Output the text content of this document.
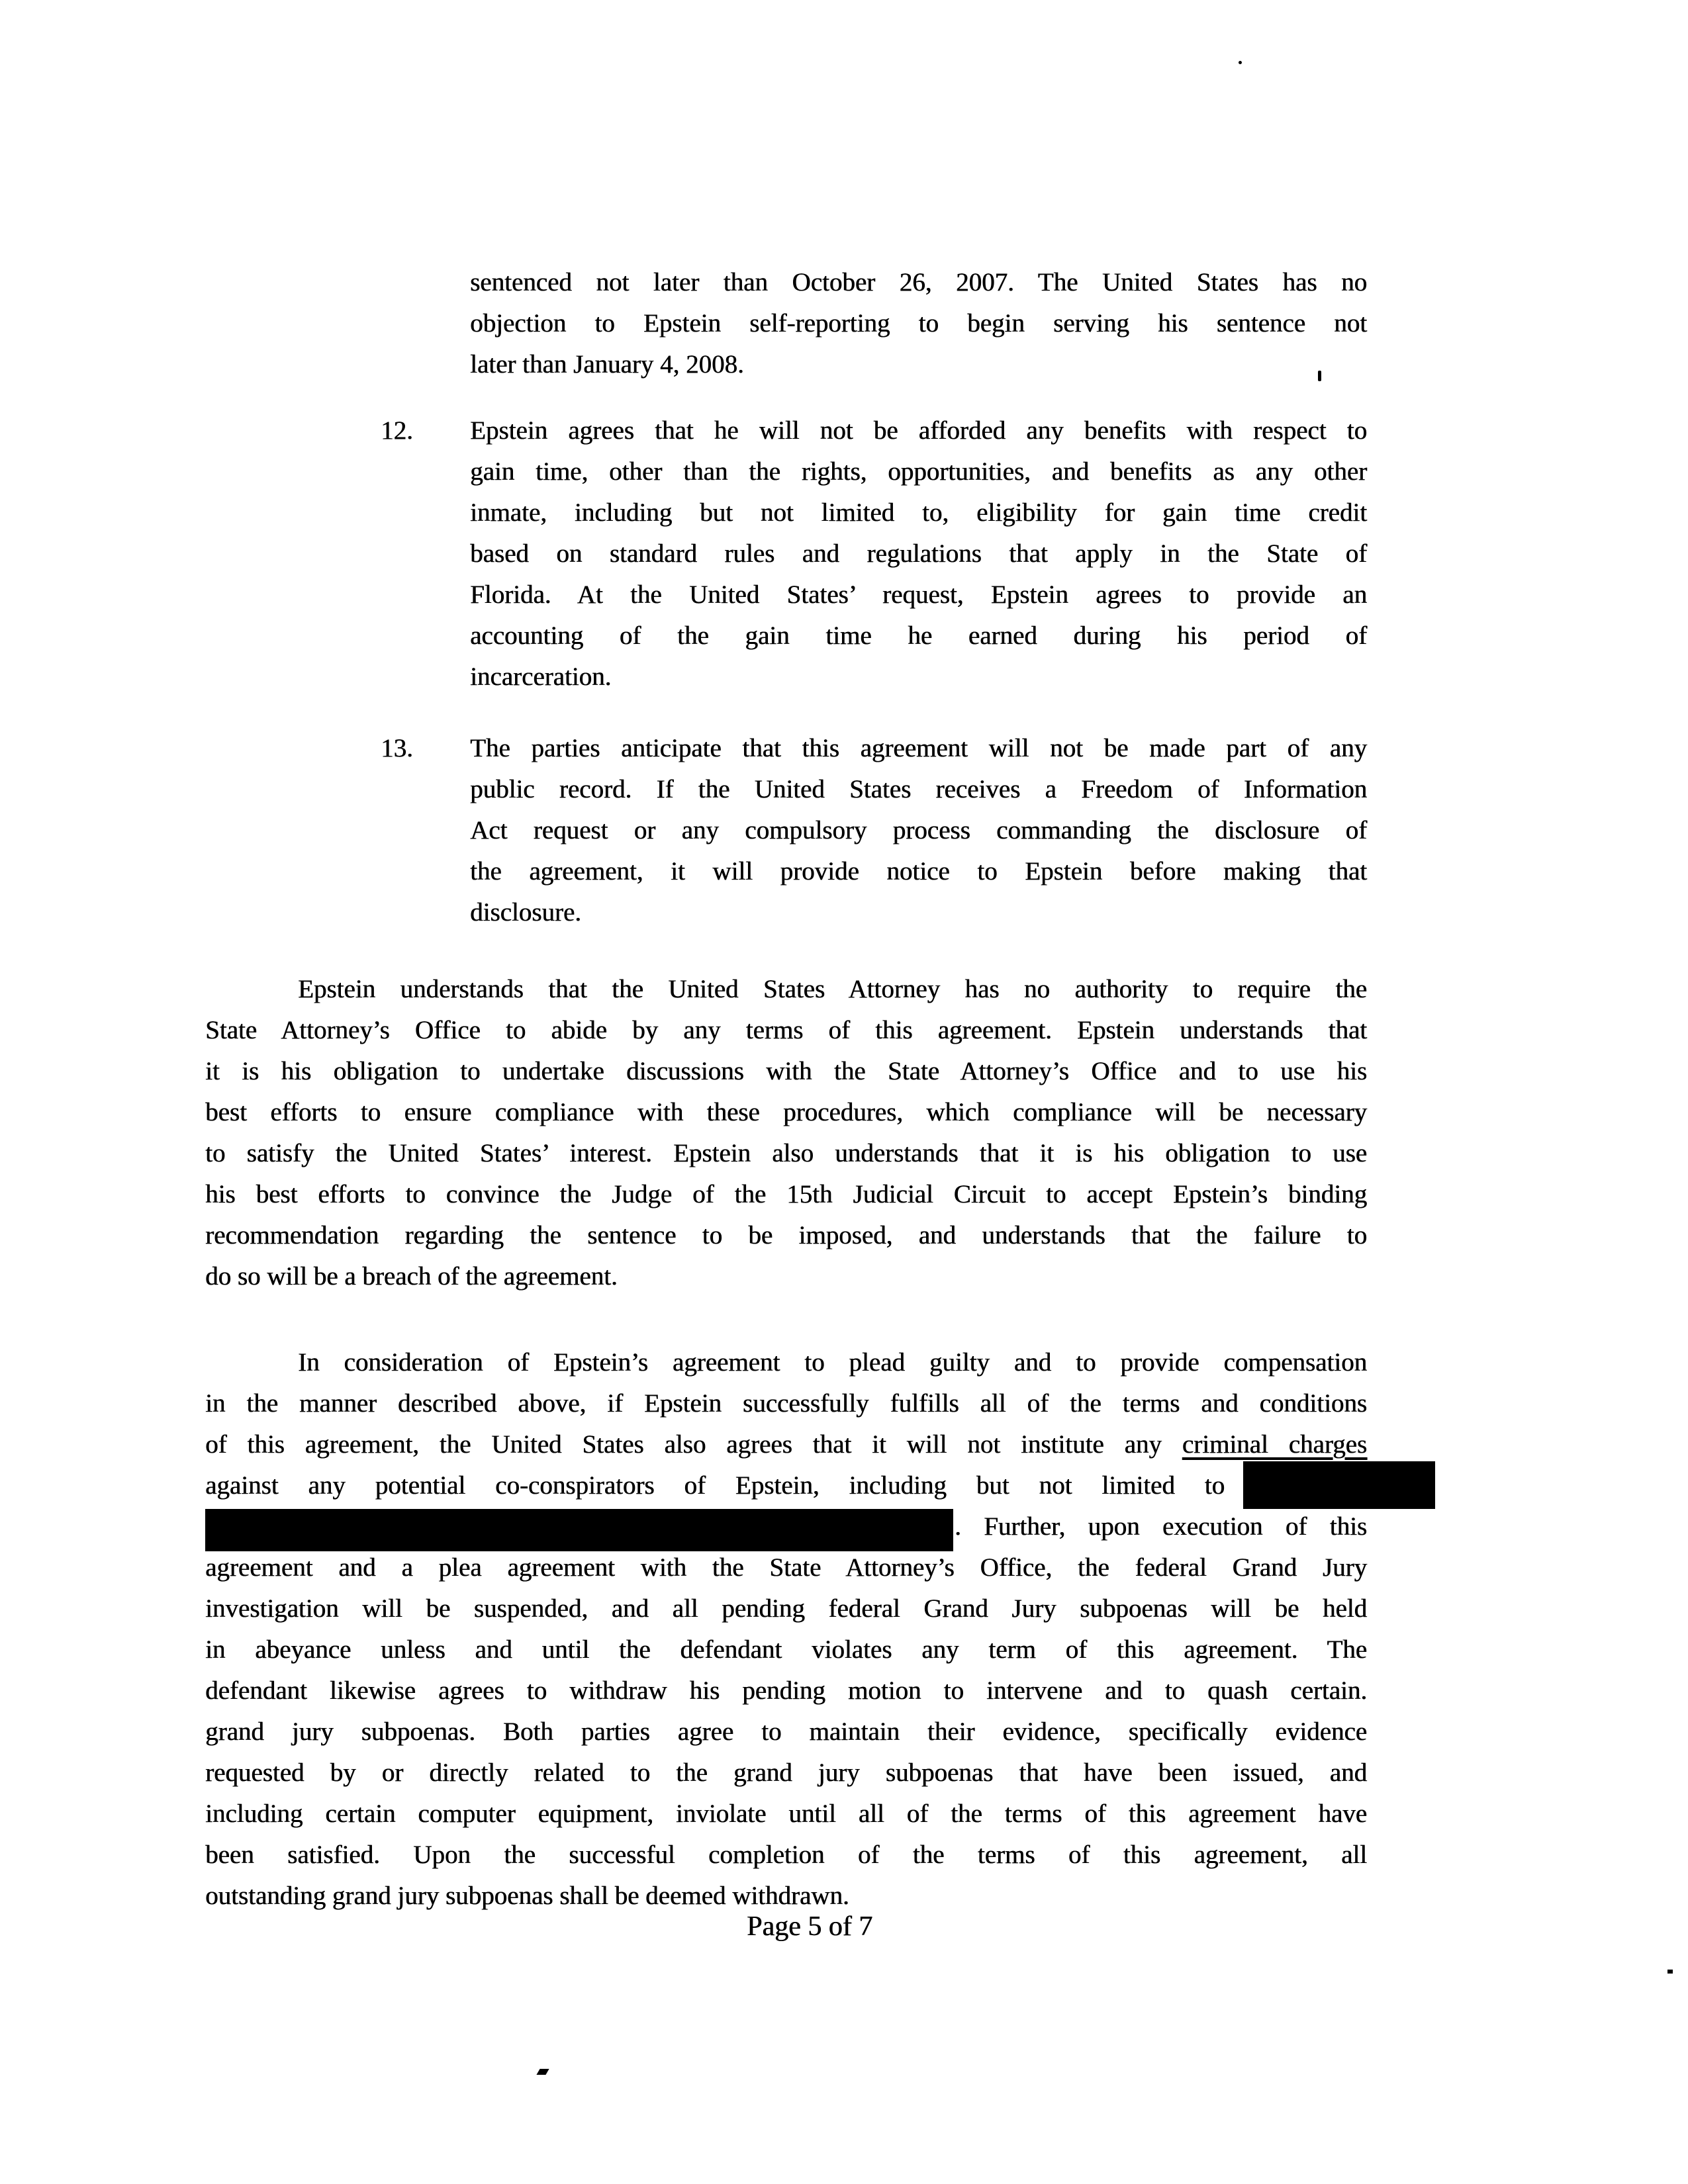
sentenced not later than October 26, 2007. The United States has no
objection to Epstein self-reporting to begin serving his sentence not
later than January 4, 2008.
12. Epstein agrees that he will not be afforded any benefits with respect to
gain time, other than the rights, opportunities, and benefits as any other
inmate, including but not limited to, eligibility for gain time credit
based on standard rules and regulations that apply in the State of
Florida. At the United States’ request, Epstein agrees to provide an
accounting of the gain time he earned during his period of
incarceration.
13. The parties anticipate that this agreement will not be made part of any
public record. If the United States receives a Freedom of Information
Act request or any compulsory process commanding the disclosure of
the agreement, it will provide notice to Epstein before making that
disclosure.
Epstein understands that the United States Attorney has no authority to require the
State Attorney’s Office to abide by any terms of this agreement. Epstein understands that
it is his obligation to undertake discussions with the State Attorney’s Office and to use his
best efforts to ensure compliance with these procedures, which compliance will be necessary
to satisfy the United States’ interest. Epstein also understands that it is his obligation to use
his best efforts to convince the Judge of the 15th Judicial Circuit to accept Epstein’s binding
recommendation regarding the sentence to be imposed, and understands that the failure to
do so will be a breach of the agreement.
In consideration of Epstein’s agreement to plead guilty and to provide compensation
in the manner described above, if Epstein successfully fulfills all of the terms and conditions
of this agreement, the United States also agrees that it will not institute any criminal charges
against any potential co-conspirators of Epstein, including but not limited to
. Further, upon execution of this
agreement and a plea agreement with the State Attorney’s Office, the federal Grand Jury
investigation will be suspended, and all pending federal Grand Jury subpoenas will be held
in abeyance unless and until the defendant violates any term of this agreement. The
defendant likewise agrees to withdraw his pending motion to intervene and to quash certain.
grand jury subpoenas. Both parties agree to maintain their evidence, specifically evidence
requested by or directly related to the grand jury subpoenas that have been issued, and
including certain computer equipment, inviolate until all of the terms of this agreement have
been satisfied. Upon the successful completion of the terms of this agreement, all
outstanding grand jury subpoenas shall be deemed withdrawn.
Page 5 of 7
